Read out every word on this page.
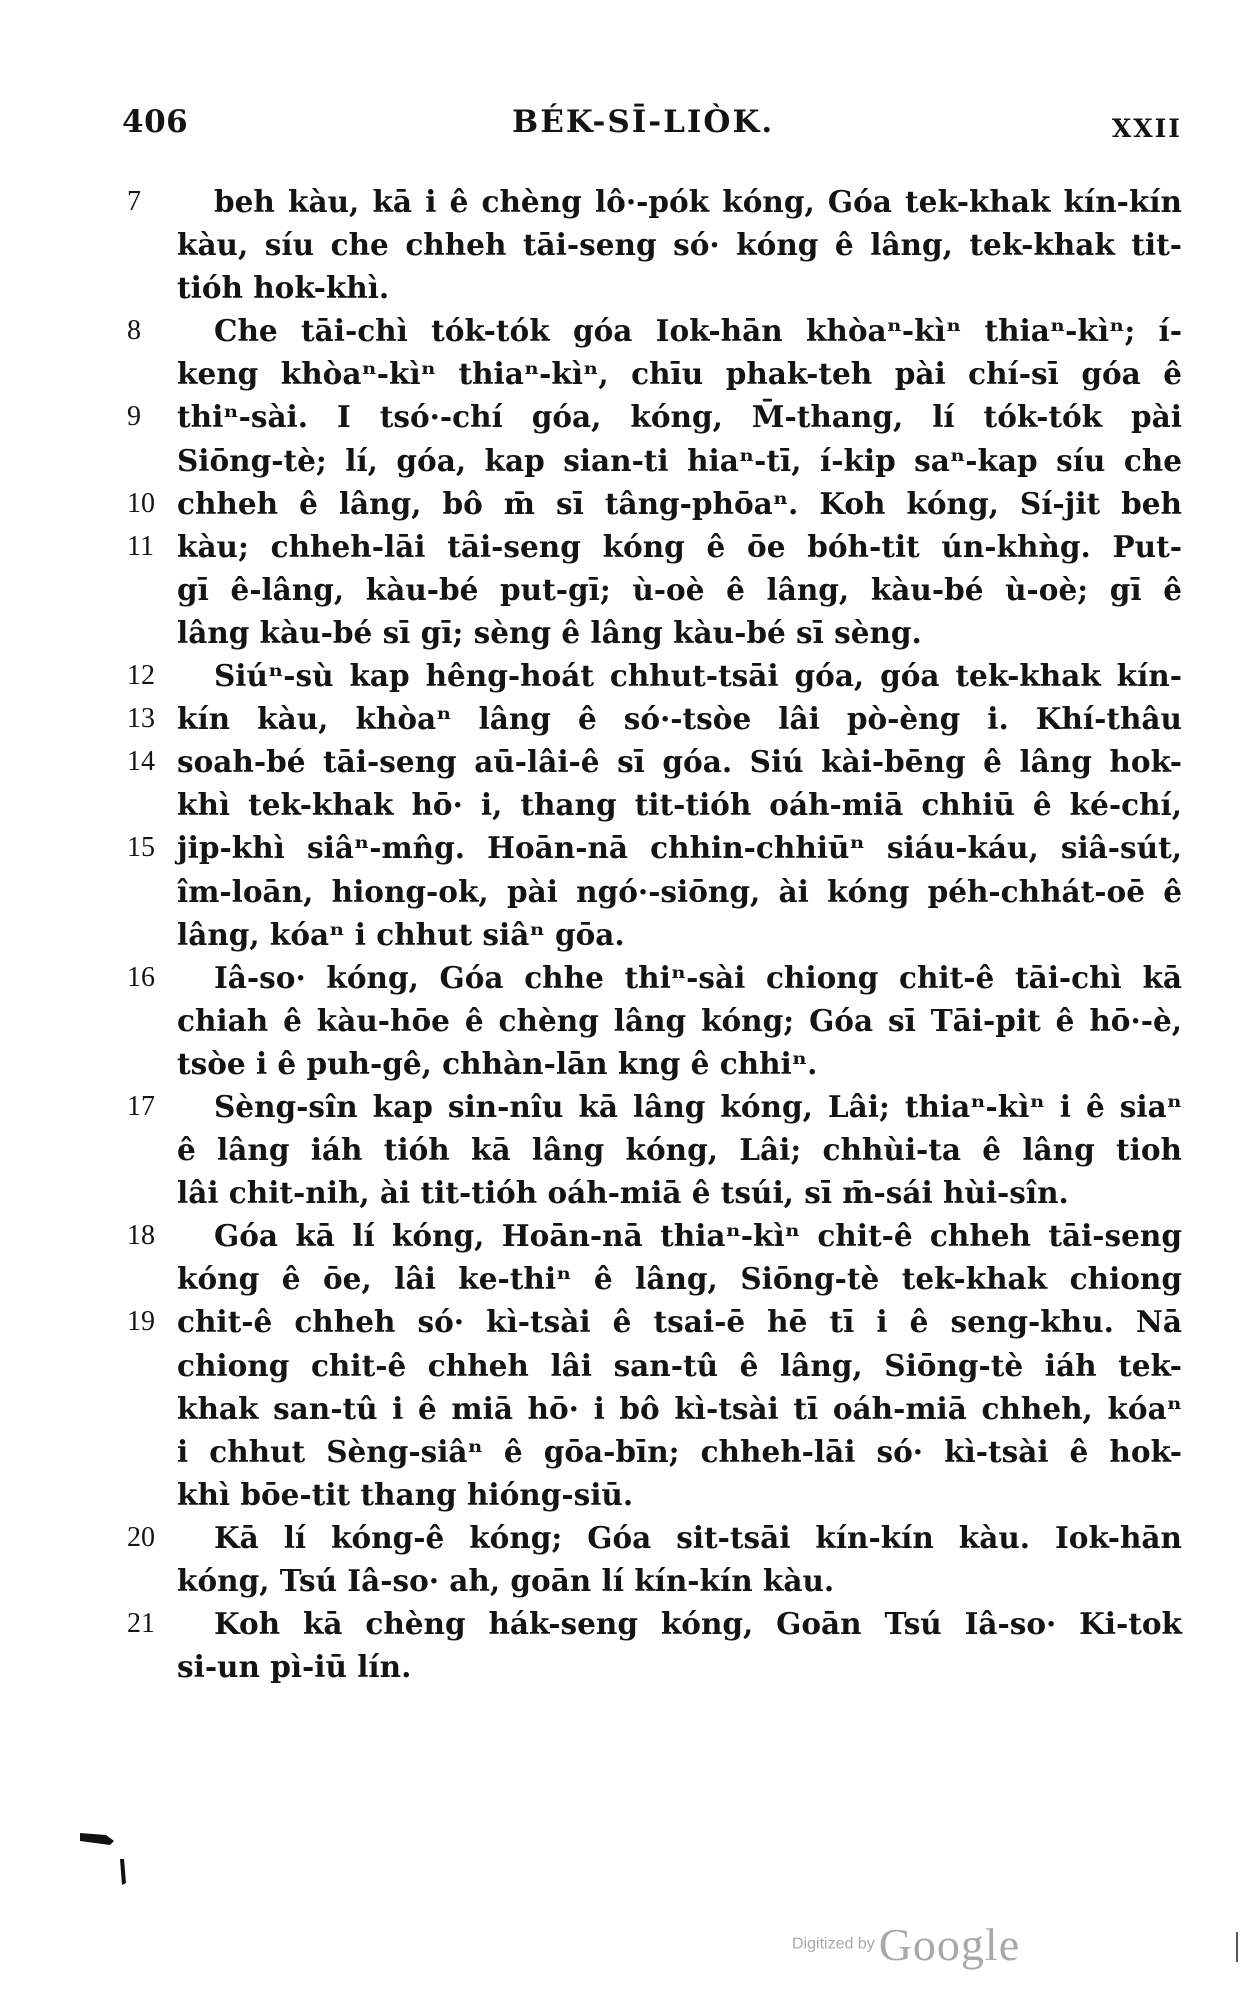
406	BÉK-SĪ-LIÒK.	XXII
7	beh kàu, kā i ê chèng lô·-pók kóng, Góa tek-khak kín-kín
kàu, síu che chheh tāi-seng só· kóng ê lâng, tek-khak tit-
tióh hok-khì.
8	Che tāi-chì tók-tók góa Iok-hān khòaⁿ-kìⁿ thiaⁿ-kìⁿ; í-
keng khòaⁿ-kìⁿ thiaⁿ-kìⁿ, chīu phak-teh pài chí-sī góa ê
9	thiⁿ-sài. I tsó·-chí góa, kóng, M̄-thang, lí tók-tók pài
Siōng-tè; lí, góa, kap sian-ti hiaⁿ-tī, í-kip saⁿ-kap síu che
10 chheh ê lâng, bô m̄ sī tâng-phōaⁿ. Koh kóng, Sí-jit beh
11 kàu; chheh-lāi tāi-seng kóng ê ōe bóh-tit ún-khǹg. Put-
gī ê-lâng, kàu-bé put-gī; ù-oè ê lâng, kàu-bé ù-oè; gī ê
lâng kàu-bé sī gī; sèng ê lâng kàu-bé sī sèng.
12 Siúⁿ-sù kap hêng-hoát chhut-tsāi góa, góa tek-khak kín-
13 kín kàu, khòaⁿ lâng ê só·-tsòe lâi pò-èng i. Khí-thâu
14 soah-bé tāi-seng aū-lâi-ê sī góa. Siú kài-bēng ê lâng hok-
khì tek-khak hō· i, thang tit-tióh oáh-miā chhiū ê ké-chí,
15 jip-khì siâⁿ-mn̂g. Hoān-nā chhin-chhiūⁿ siáu-káu, siâ-sút,
îm-loān, hiong-ok, pài ngó·-siōng, ài kóng péh-chhát-oē ê
lâng, kóaⁿ i chhut siâⁿ gōa.
16 Iâ-so· kóng, Góa chhe thiⁿ-sài chiong chit-ê tāi-chì kā
chiah ê kàu-hōe ê chèng lâng kóng; Góa sī Tāi-pit ê hō·-è,
tsòe i ê puh-gê, chhàn-lān kng ê chhiⁿ.
17 Sèng-sîn kap sin-nîu kā lâng kóng, Lâi; thiaⁿ-kìⁿ i ê siaⁿ
ê lâng iáh tióh kā lâng kóng, Lâi; chhùi-ta ê lâng tioh
lâi chit-nih, ài tit-tióh oáh-miā ê tsúi, sī m̄-sái hùi-sîn.
18 Góa kā lí kóng, Hoān-nā thiaⁿ-kìⁿ chit-ê chheh tāi-seng
kóng ê ōe, lâi ke-thiⁿ ê lâng, Siōng-tè tek-khak chiong
19 chit-ê chheh só· kì-tsài ê tsai-ē hē tī i ê seng-khu. Nā
chiong chit-ê chheh lâi san-tû ê lâng, Siōng-tè iáh tek-
khak san-tû i ê miā hō· i bô kì-tsài tī oáh-miā chheh, kóaⁿ
i chhut Sèng-siâⁿ ê gōa-bīn; chheh-lāi só· kì-tsài ê hok-
khì bōe-tit thang hióng-siū.
20 Kā lí kóng-ê kóng; Góa sit-tsāi kín-kín kàu. Iok-hān
kóng, Tsú Iâ-so· ah, goān lí kín-kín kàu.
21 Koh kā chèng hák-seng kóng, Goān Tsú Iâ-so· Ki-tok
si-un pì-iū lín.
Digitized by Google
